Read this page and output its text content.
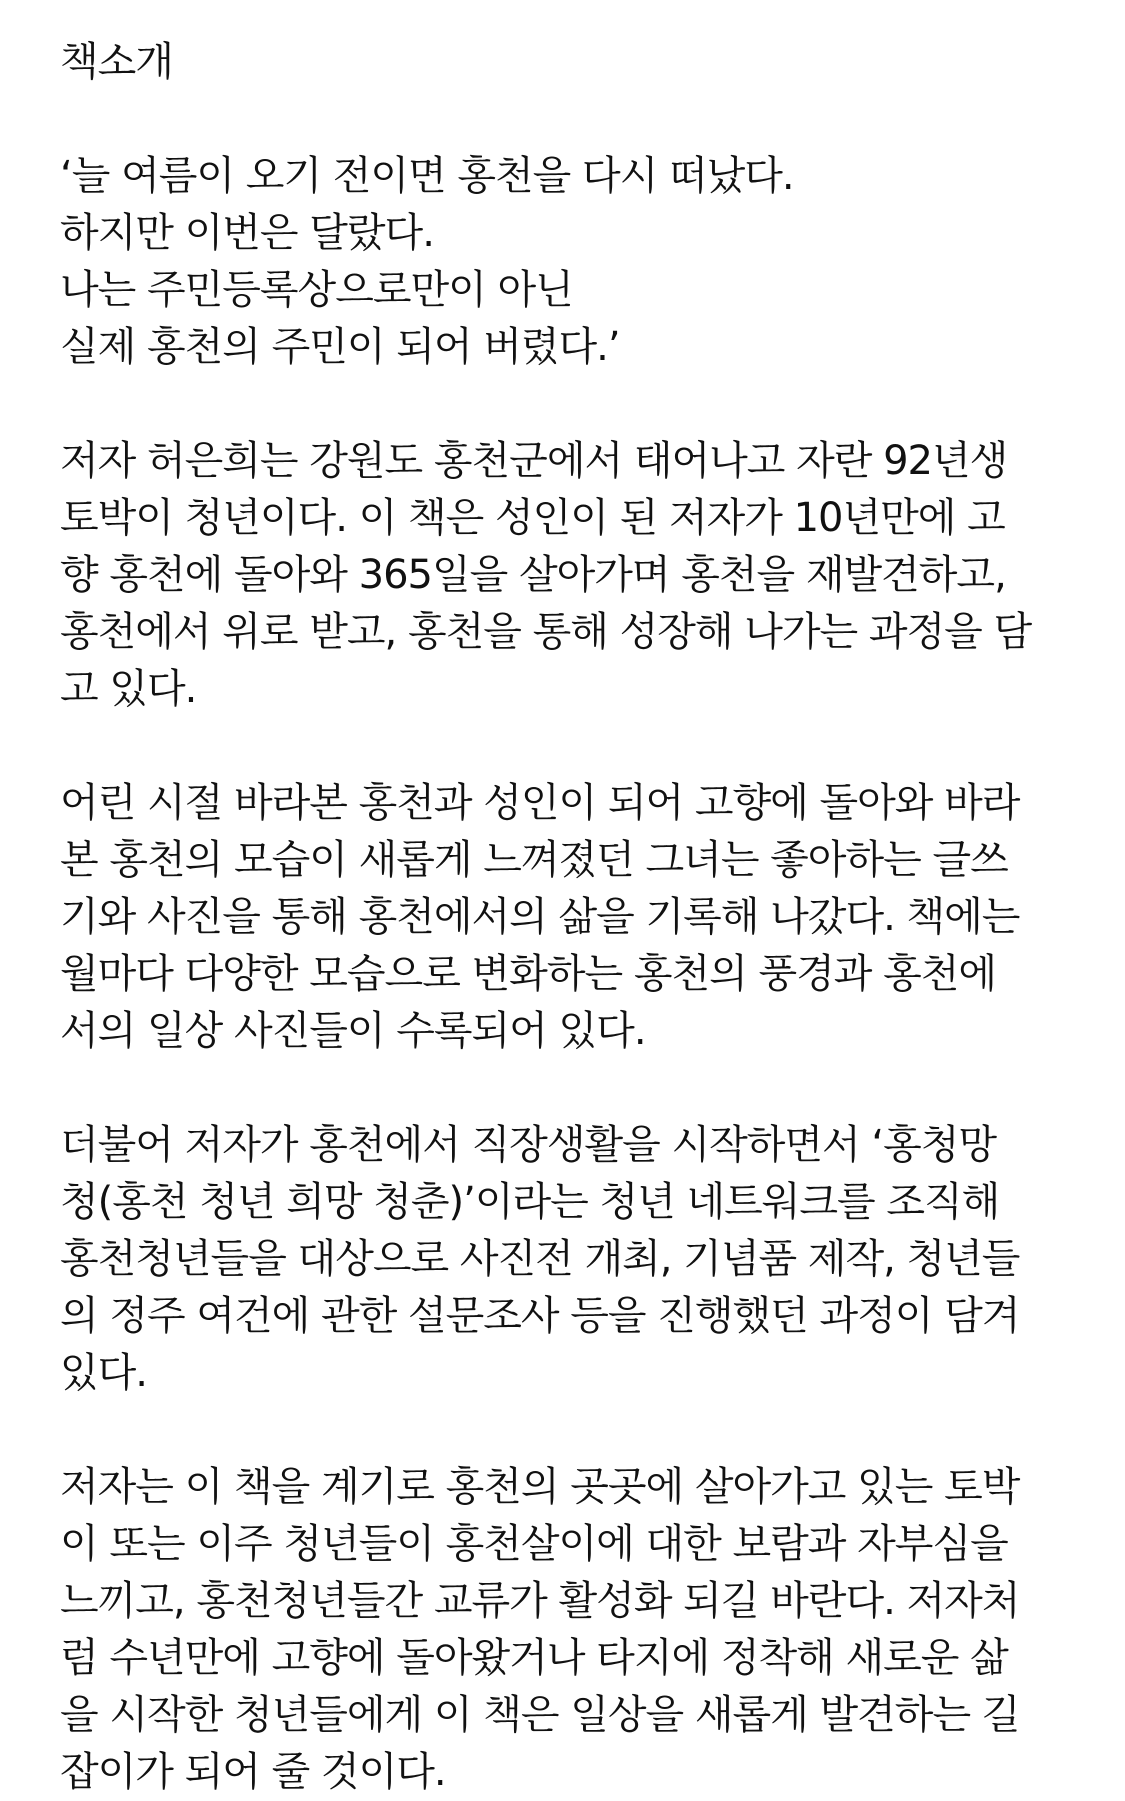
책소개
‘늘 여름이 오기 전이면 홍천을 다시 떠났다.
하지만 이번은 달랐다.
나는 주민등록상으로만이 아닌
실제 홍천의 주민이 되어 버렸다.’
저자 허은희는 강원도 홍천군에서 태어나고 자란 92년생
토박이 청년이다. 이 책은 성인이 된 저자가 10년만에 고
향 홍천에 돌아와 365일을 살아가며 홍천을 재발견하고,
홍천에서 위로 받고, 홍천을 통해 성장해 나가는 과정을 담
고 있다.
어린 시절 바라본 홍천과 성인이 되어 고향에 돌아와 바라
본 홍천의 모습이 새롭게 느껴졌던 그녀는 좋아하는 글쓰
기와 사진을 통해 홍천에서의 삶을 기록해 나갔다. 책에는
월마다 다양한 모습으로 변화하는 홍천의 풍경과 홍천에
서의 일상 사진들이 수록되어 있다.
더불어 저자가 홍천에서 직장생활을 시작하면서 ‘홍청망
청(홍천 청년 희망 청춘)’이라는 청년 네트워크를 조직해
홍천청년들을 대상으로 사진전 개최, 기념품 제작, 청년들
의 정주 여건에 관한 설문조사 등을 진행했던 과정이 담겨
있다.
저자는 이 책을 계기로 홍천의 곳곳에 살아가고 있는 토박
이 또는 이주 청년들이 홍천살이에 대한 보람과 자부심을
느끼고, 홍천청년들간 교류가 활성화 되길 바란다. 저자처
럼 수년만에 고향에 돌아왔거나 타지에 정착해 새로운 삶
을 시작한 청년들에게 이 책은 일상을 새롭게 발견하는 길
잡이가 되어 줄 것이다.
